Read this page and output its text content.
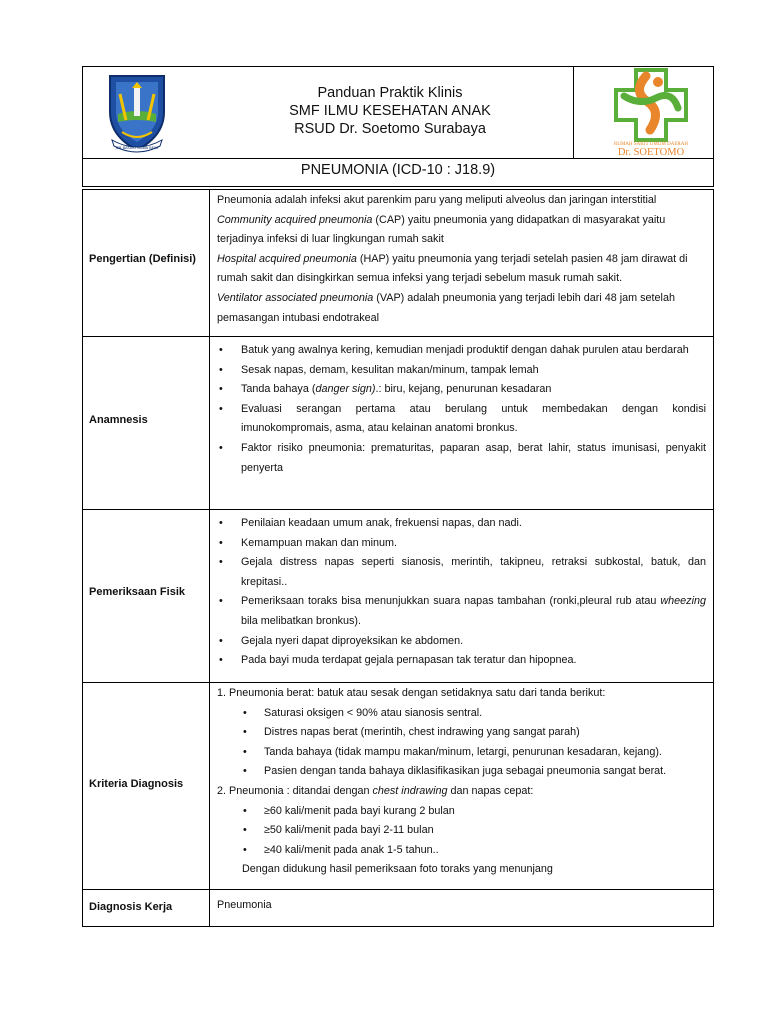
JER BASUKI MAWA BEYA
Panduan Praktik Klinis
SMF ILMU KESEHATAN ANAK
RSUD Dr. Soetomo Surabaya
RUMAH SAKIT UMUM DAERAH
Dr. SOETOMO
PNEUMONIA (ICD-10 : J18.9)
Pengertian (Definisi)

Pneumonia adalah infeksi akut parenkim paru yang meliputi alveolus dan jaringan interstitial

Community acquired pneumonia (CAP) yaitu pneumonia yang didapatkan di masyarakat yaitu terjadinya infeksi di luar lingkungan rumah sakit

Hospital acquired pneumonia (HAP) yaitu pneumonia yang terjadi setelah pasien 48 jam dirawat di rumah sakit dan disingkirkan semua infeksi yang terjadi sebelum masuk rumah sakit.

Ventilator associated pneumonia (VAP) adalah pneumonia yang terjadi lebih dari 48 jam setelah pemasangan intubasi endotrakeal

Anamnesis
• Batuk yang awalnya kering, kemudian menjadi produktif dengan dahak purulen atau berdarah
• Sesak napas, demam, kesulitan makan/minum, tampak lemah
• Tanda bahaya (danger sign).: biru, kejang, penurunan kesadaran
• Evaluasi serangan pertama atau berulang untuk membedakan dengan kondisi imunokompromais, asma, atau kelainan anatomi bronkus.
• Faktor risiko pneumonia: prematuritas, paparan asap, berat lahir, status imunisasi, penyakit penyerta
Pemeriksaan Fisik
• Penilaian keadaan umum anak, frekuensi napas, dan nadi.
• Kemampuan makan dan minum.
• Gejala distress napas seperti sianosis, merintih, takipneu, retraksi subkostal, batuk, dan krepitasi..
• Pemeriksaan toraks bisa menunjukkan suara napas tambahan (ronki,pleural rub atau wheezing bila melibatkan bronkus).
• Gejala nyeri dapat diproyeksikan ke abdomen.
• Pada bayi muda terdapat gejala pernapasan tak teratur dan hipopnea.
Kriteria Diagnosis

1. Pneumonia berat: batuk atau sesak dengan setidaknya satu dari tanda berikut:

• Saturasi oksigen < 90% atau sianosis sentral.
• Distres napas berat (merintih, chest indrawing yang sangat parah)
• Tanda bahaya (tidak mampu makan/minum, letargi, penurunan kesadaran, kejang).
• Pasien dengan tanda bahaya diklasifikasikan juga sebagai pneumonia sangat berat.

2. Pneumonia : ditandai dengan chest indrawing dan napas cepat:

• ≥60 kali/menit pada bayi kurang 2 bulan
• ≥50 kali/menit pada bayi 2-11 bulan
• ≥40 kali/menit pada anak 1-5 tahun..

Dengan didukung hasil pemeriksaan foto toraks yang menunjang

Diagnosis Kerja	Pneumonia
